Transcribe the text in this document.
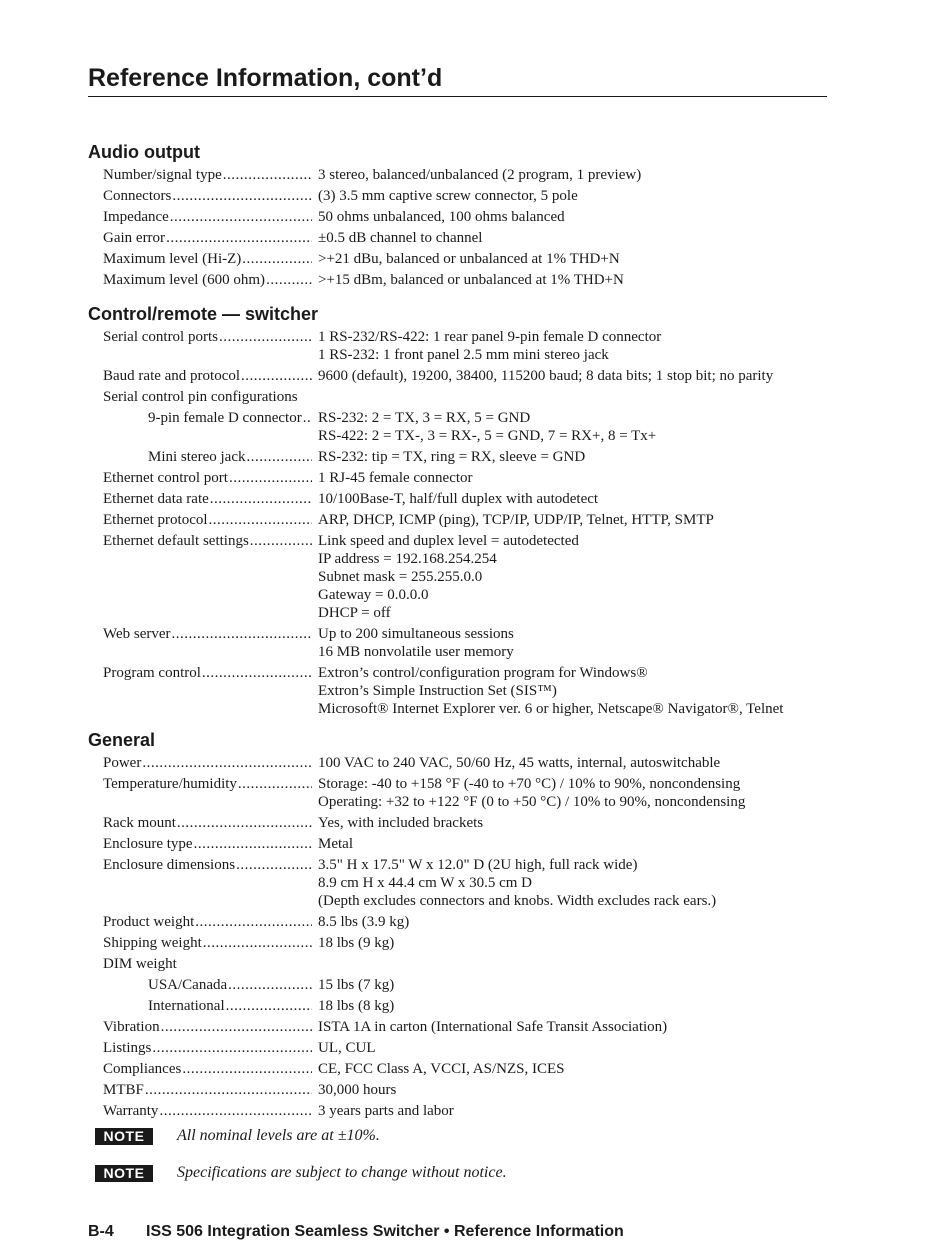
Reference Information, cont’d
Audio output
Number/signal type .....	3 stereo, balanced/unbalanced (2 program, 1 preview)
Connectors .....	(3) 3.5 mm captive screw connector, 5 pole
Impedance .....	50 ohms unbalanced, 100 ohms balanced
Gain error .....	±0.5 dB channel to channel
Maximum level (Hi-Z) .....	>+21 dBu, balanced or unbalanced at 1% THD+N
Maximum level (600 ohm) .....	>+15 dBm, balanced or unbalanced at 1% THD+N
Control/remote — switcher
Serial control ports .....	1 RS-232/RS-422: 1 rear panel 9-pin female D connector
1 RS-232: 1 front panel 2.5 mm mini stereo jack
Baud rate and protocol .....	9600 (default), 19200, 38400, 115200 baud; 8 data bits; 1 stop bit; no parity
Serial control pin configurations
9-pin female D connector ..... RS-232: 2 = TX, 3 = RX, 5 = GND
RS-422: 2 = TX-, 3 = RX-, 5 = GND, 7 = RX+, 8 = Tx+
Mini stereo jack .....	RS-232: tip = TX, ring = RX, sleeve = GND
Ethernet control port .....	1 RJ-45 female connector
Ethernet data rate .....	10/100Base-T, half/full duplex with autodetect
Ethernet protocol .....	ARP, DHCP, ICMP (ping), TCP/IP, UDP/IP, Telnet, HTTP, SMTP
Ethernet default settings .....	Link speed and duplex level = autodetected
IP address = 192.168.254.254
Subnet mask = 255.255.0.0
Gateway = 0.0.0.0
DHCP = off
Web server .....	Up to 200 simultaneous sessions
16 MB nonvolatile user memory
Program control .....	Extron’s control/configuration program for Windows®
Extron’s Simple Instruction Set (SIS™)
Microsoft® Internet Explorer ver. 6 or higher, Netscape® Navigator®, Telnet
General
Power .....	100 VAC to 240 VAC, 50/60 Hz, 45 watts, internal, autoswitchable
Temperature/humidity .....	Storage: -40 to +158 °F (-40 to +70 °C) / 10% to 90%, noncondensing
Operating: +32 to +122 °F (0 to +50 °C) / 10% to 90%, noncondensing
Rack mount .....	Yes, with included brackets
Enclosure type .....	Metal
Enclosure dimensions .....	3.5" H x 17.5" W x 12.0" D (2U high, full rack wide)
8.9 cm H x 44.4 cm W x 30.5 cm D
(Depth excludes connectors and knobs. Width excludes rack ears.)
Product weight .....	8.5 lbs (3.9 kg)
Shipping weight .....	18 lbs (9 kg)
DIM weight
USA/Canada .....	15 lbs (7 kg)
International .....	18 lbs (8 kg)
Vibration .....	ISTA 1A in carton (International Safe Transit Association)
Listings .....	UL, CUL
Compliances .....	CE, FCC Class A, VCCI, AS/NZS, ICES
MTBF .....	30,000 hours
Warranty .....	3 years parts and labor
NOTE	All nominal levels are at ±10%.
NOTE	Specifications are subject to change without notice.
B-4 ISS 506 Integration Seamless Switcher • Reference Information
